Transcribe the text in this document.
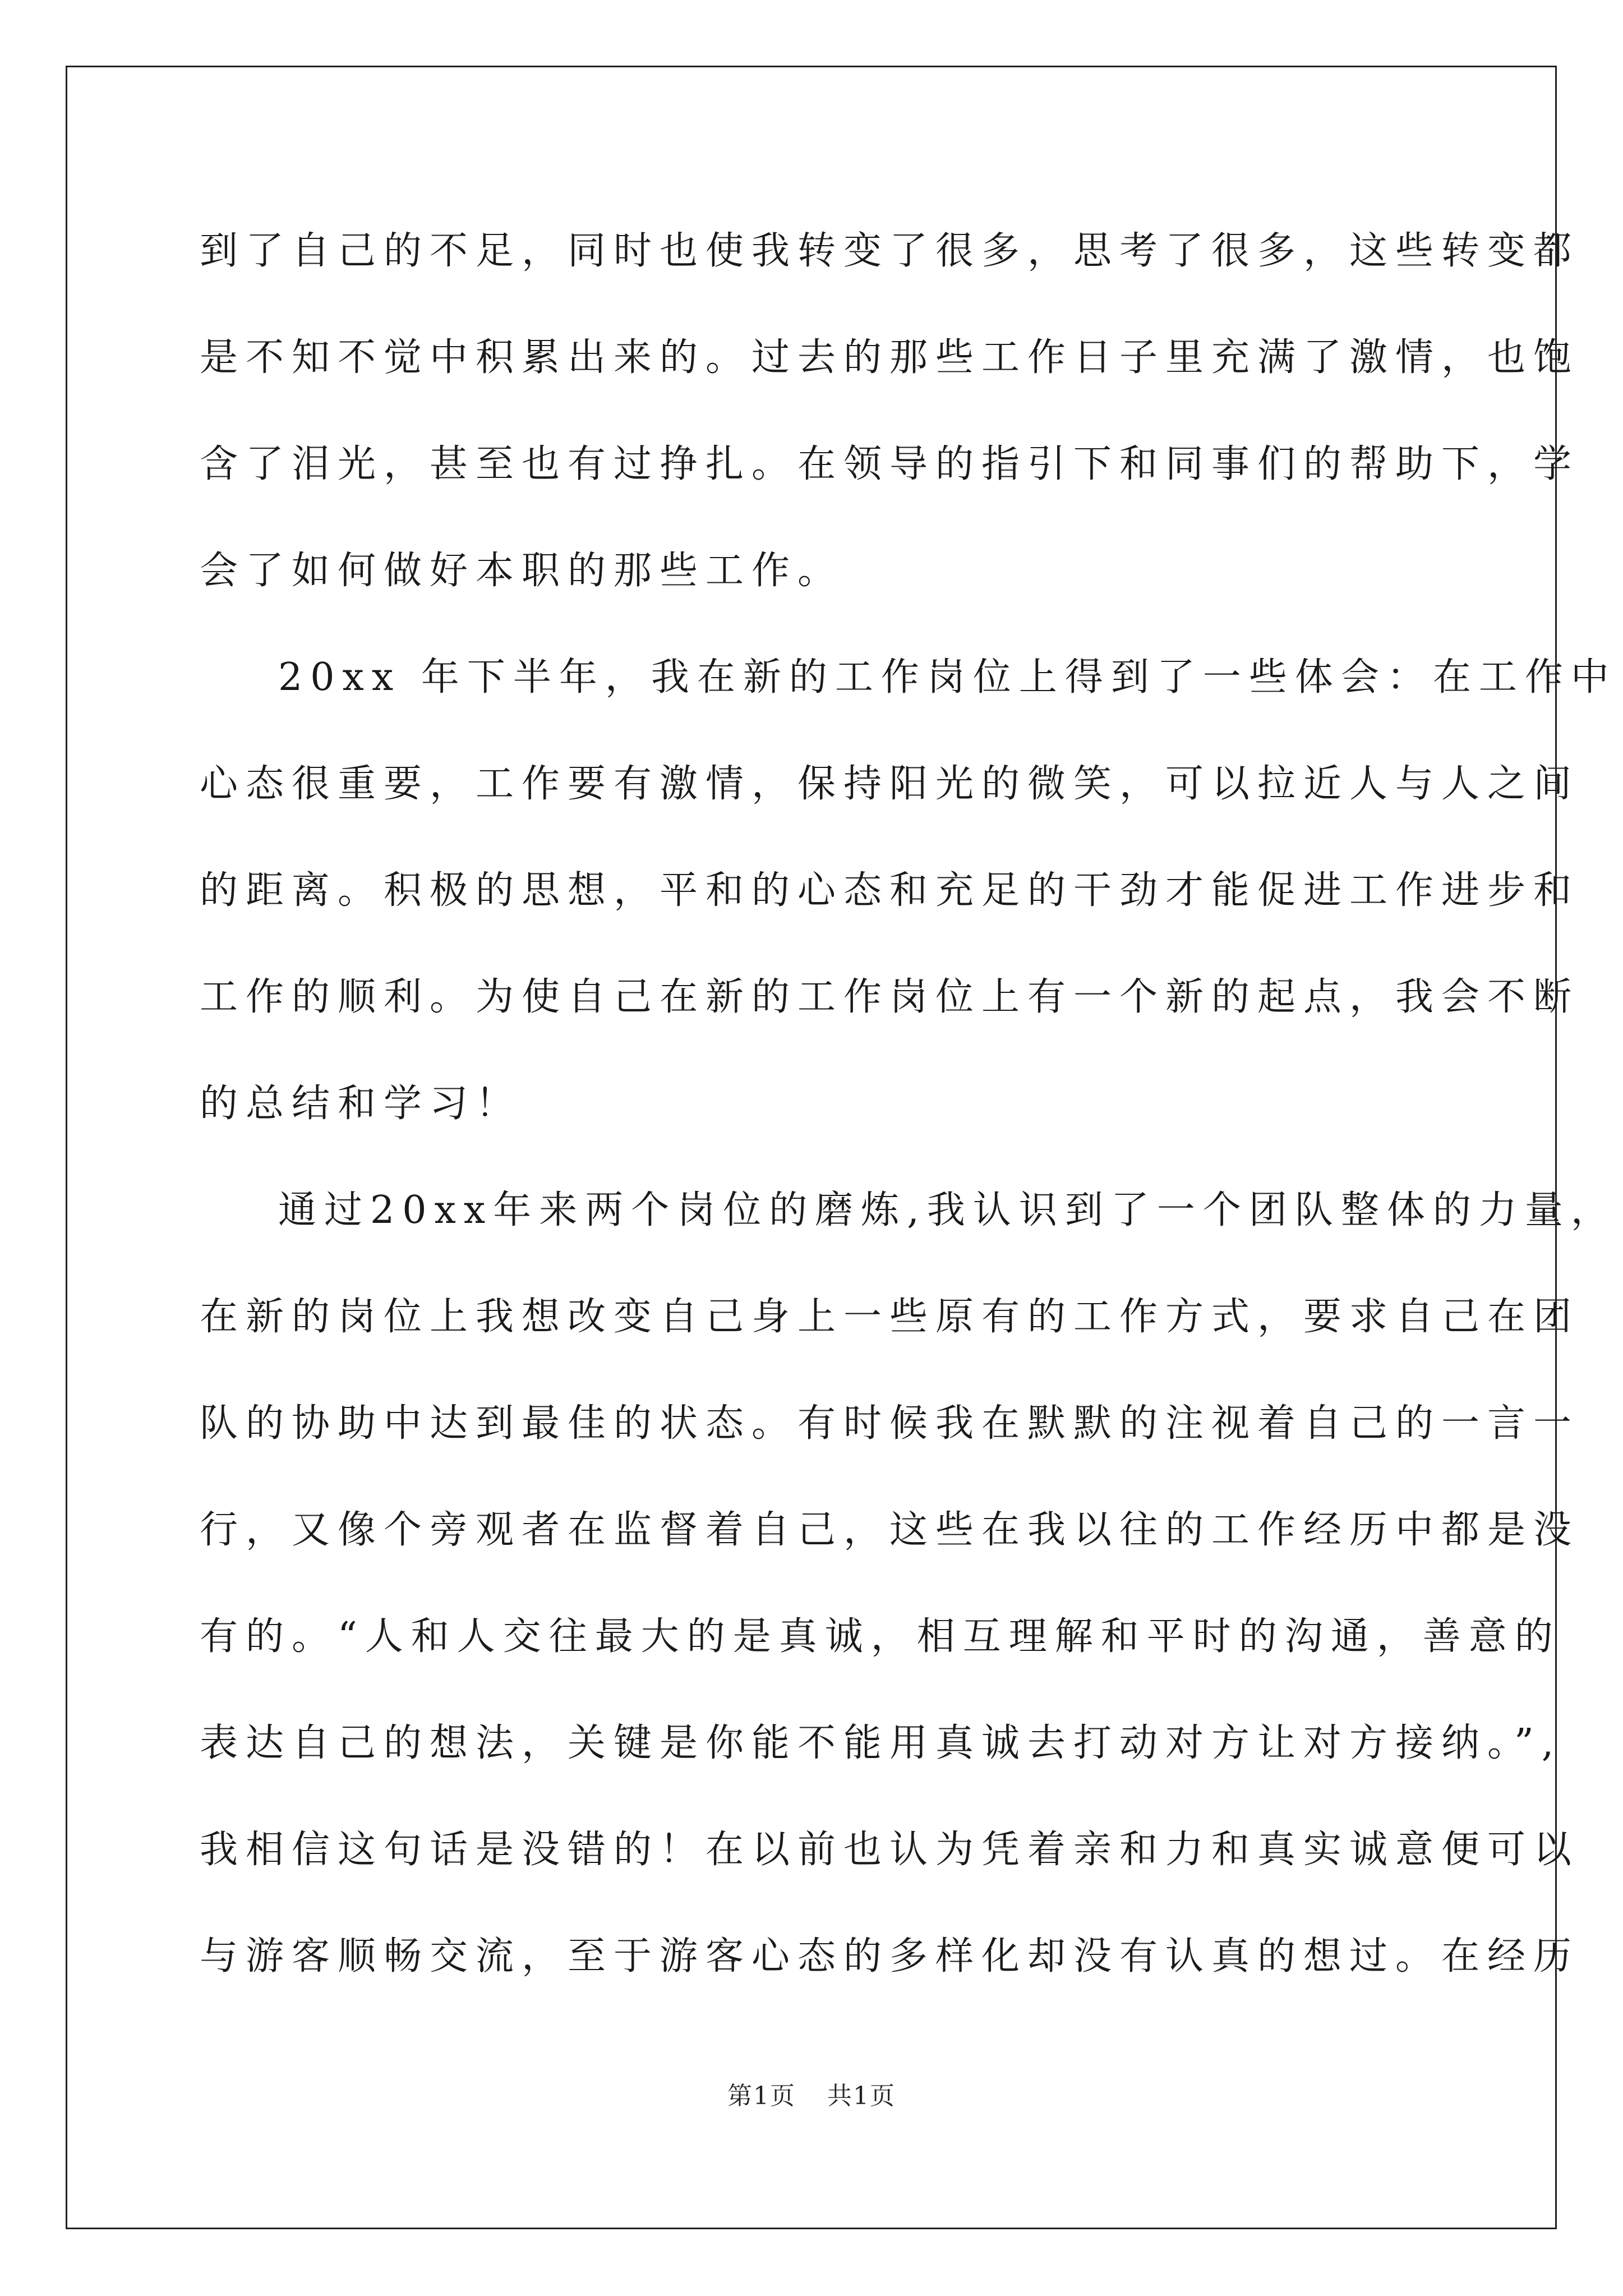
到了自己的不足，同时也使我转变了很多，思考了很多，这些转变都
是不知不觉中积累出来的。过去的那些工作日子里充满了激情，也饱
含了泪光，甚至也有过挣扎。在领导的指引下和同事们的帮助下，学
会了如何做好本职的那些工作。
20xx 年下半年，我在新的工作岗位上得到了一些体会：在工作中
心态很重要，工作要有激情，保持阳光的微笑，可以拉近人与人之间
的距离。积极的思想，平和的心态和充足的干劲才能促进工作进步和
工作的顺利。为使自己在新的工作岗位上有一个新的起点，我会不断
的总结和学习！
通过20xx年来两个岗位的磨炼,我认识到了一个团队整体的力量，
在新的岗位上我想改变自己身上一些原有的工作方式，要求自己在团
队的协助中达到最佳的状态。有时候我在默默的注视着自己的一言一
行，又像个旁观者在监督着自己，这些在我以往的工作经历中都是没
有的。“人和人交往最大的是真诚，相互理解和平时的沟通，善意的
表达自己的想法，关键是你能不能用真诚去打动对方让对方接纳。”,
我相信这句话是没错的！在以前也认为凭着亲和力和真实诚意便可以
与游客顺畅交流，至于游客心态的多样化却没有认真的想过。在经历
第1页 共1页
